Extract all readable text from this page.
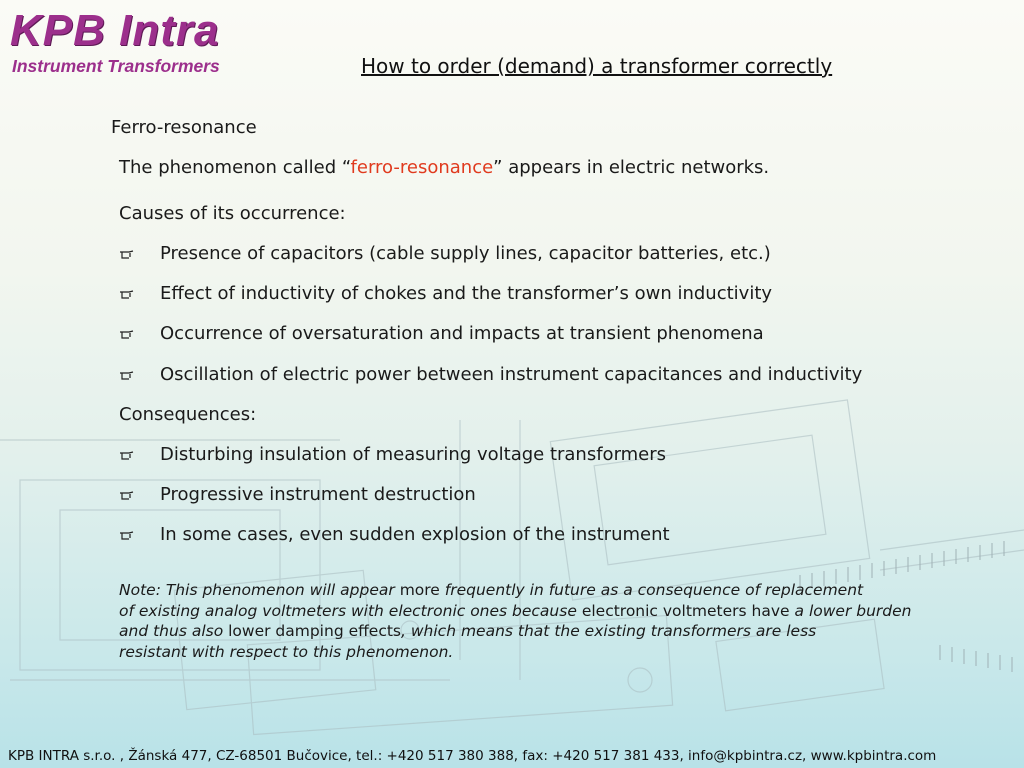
KPB Intra
Instrument Transformers	How to order (demand) a transformer correctly
Ferro-resonance
The phenomenon called “ferro-resonance” appears in electric networks.
Causes of its occurrence:
Presence of capacitors (cable supply lines, capacitor batteries, etc.)
Effect of inductivity of chokes and the transformer’s own inductivity
Occurrence of oversaturation and impacts at transient phenomena
Oscillation of electric power between instrument capacitances and inductivity
Consequences:
Disturbing insulation of measuring voltage transformers
Progressive instrument destruction
In some cases, even sudden explosion of the instrument
Note: This phenomenon will appear more frequently in future as a consequence of replacement
of existing analog voltmeters with electronic ones because electronic voltmeters have a lower burden
and thus also lower damping effects, which means that the existing transformers are less
resistant with respect to this phenomenon.
KPB INTRA s.r.o. , Žánská 477, CZ-68501 Bučovice, tel.: +420 517 380 388, fax: +420 517 381 433, info@kpbintra.cz, www.kpbintra.com
